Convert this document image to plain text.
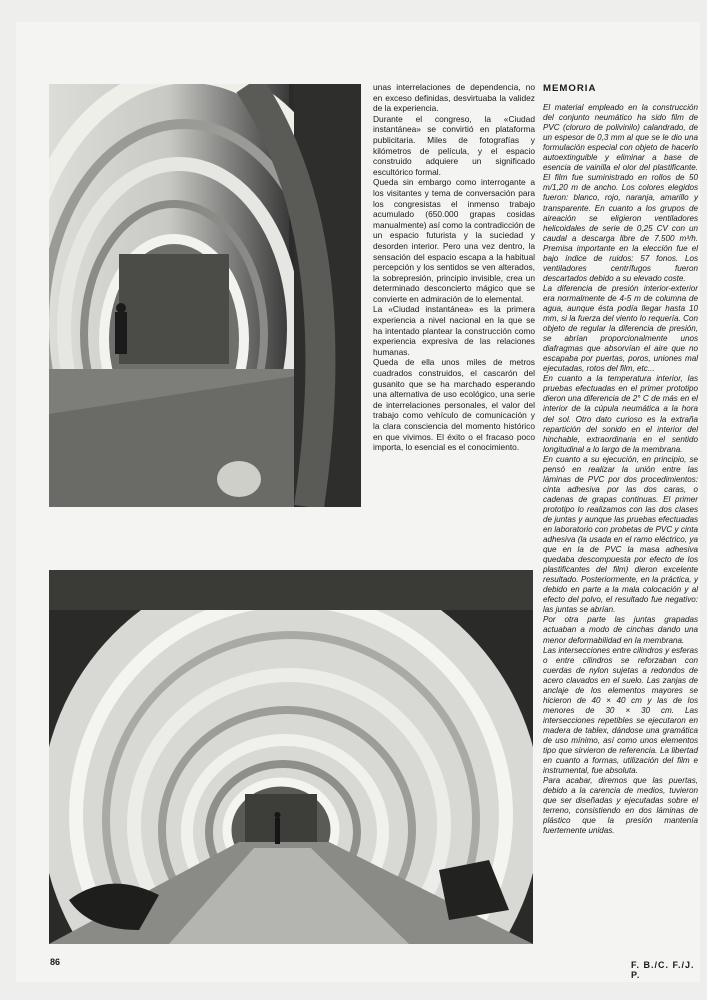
unas interrelaciones de dependencia, no en exceso definidas, desvirtuaba la validez de la experiencia.

Durante el congreso, la «Ciudad instantánea» se convirtió en plataforma publicitaria. Miles de fotografías y kilómetros de película, y el espacio construido adquiere un significado escultórico formal.

Queda sin embargo como interrogante a los visitantes y tema de conversación para los congresistas el inmenso trabajo acumulado (650.000 grapas cosidas manualmente) así como la contradicción de un espacio futurista y la suciedad y desorden interior. Pero una vez dentro, la sensación del espacio escapa a la habitual percepción y los sentidos se ven alterados, la sobrepresión, principio invisible, crea un determinado desconcierto mágico que se convierte en admiración de lo elemental.

La «Ciudad instantánea» es la primera experiencia a nivel nacional en la que se ha intentado plantear la construcción como experiencia expresiva de las relaciones humanas.

Queda de ella unos miles de metros cuadrados construidos, el cascarón del gusanito que se ha marchado esperando una alternativa de uso ecológico, una serie de interrelaciones personales, el valor del trabajo como vehículo de comunicación y la clara consciencia del momento histórico en que vivimos. El éxito o el fracaso poco importa, lo esencial es el conocimiento.

MEMORIA

El material empleado en la construcción del conjunto neumático ha sido film de PVC (cloruro de polivinilo) calandrado, de un espesor de 0,3 mm al que se le dio una formulación especial con objeto de hacerlo autoextinguible y eliminar a base de esencia de vainilla el olor del plastificante. El film fue suministrado en rollos de 50 m/1,20 m de ancho. Los colores elegidos fueron: blanco, rojo, naranja, amarillo y transparente. En cuanto a los grupos de aireación se eligieron ventiladores helicoidales de serie de 0,25 CV con un caudal a descarga libre de 7.500 m³/h. Premisa importante en la elección fue el bajo índice de ruidos: 57 fonos. Los ventiladores centrífugos fueron descartados debido a su elevado coste.

La diferencia de presión interior-exterior era normalmente de 4-5 m de columna de agua, aunque ésta podía llegar hasta 10 mm, si la fuerza del viento lo requería. Con objeto de regular la diferencia de presión, se abrían proporcionalmente unos diafragmas que absorvían el aire que no escapaba por puertas, poros, uniones mal ejecutadas, rotos del film, etc...

En cuanto a la temperatura interior, las pruebas efectuadas en el primer prototipo dieron una diferencia de 2° C de más en el interior de la cúpula neumática a la hora del sol. Otro dato curioso es la extraña repartición del sonido en el interior del hinchable, extraordinaria en el sentido longitudinal a lo largo de la membrana.

En cuanto a su ejecución, en principio, se pensó en realizar la unión entre las láminas de PVC por dos procedimientos: cinta adhesiva por las dos caras, o cadenas de grapas continuas. El primer prototipo lo realizamos con las dos clases de juntas y aunque las pruebas efectuadas en laboratorio con probetas de PVC y cinta adhesiva (la usada en el ramo eléctrico, ya que en la de PVC la masa adhesiva quedaba descompuesta por efecto de los plastificantes del film) dieron excelente resultado. Posteriormente, en la práctica, y debido en parte a la mala colocación y al efecto del polvo, el resultado fue negativo: las juntas se abrían.

Por otra parte las juntas grapadas actuaban a modo de cinchas dando una menor deformabilidad en la membrana.

Las intersecciones entre cilindros y esferas o entre cilindros se reforzaban con cuerdas de nylon sujetas a redondos de acero clavados en el suelo. Las zanjas de anclaje de los elementos mayores se hicieron de 40 × 40 cm y las de los menores de 30 × 30 cm. Las intersecciones repetibles se ejecutaron en madera de tablex, dándose una gramática de uso mínimo, así como unos elementos tipo que sirvieron de referencia. La libertad en cuanto a formas, utilización del film e instrumental, fue absoluta.

Para acabar, diremos que las puertas, debido a la carencia de medios, tuvieron que ser diseñadas y ejecutadas sobre el terreno, consistiendo en dos láminas de plástico que la presión mantenía fuertemente unidas.

F. B./C. F./J. P.
86
